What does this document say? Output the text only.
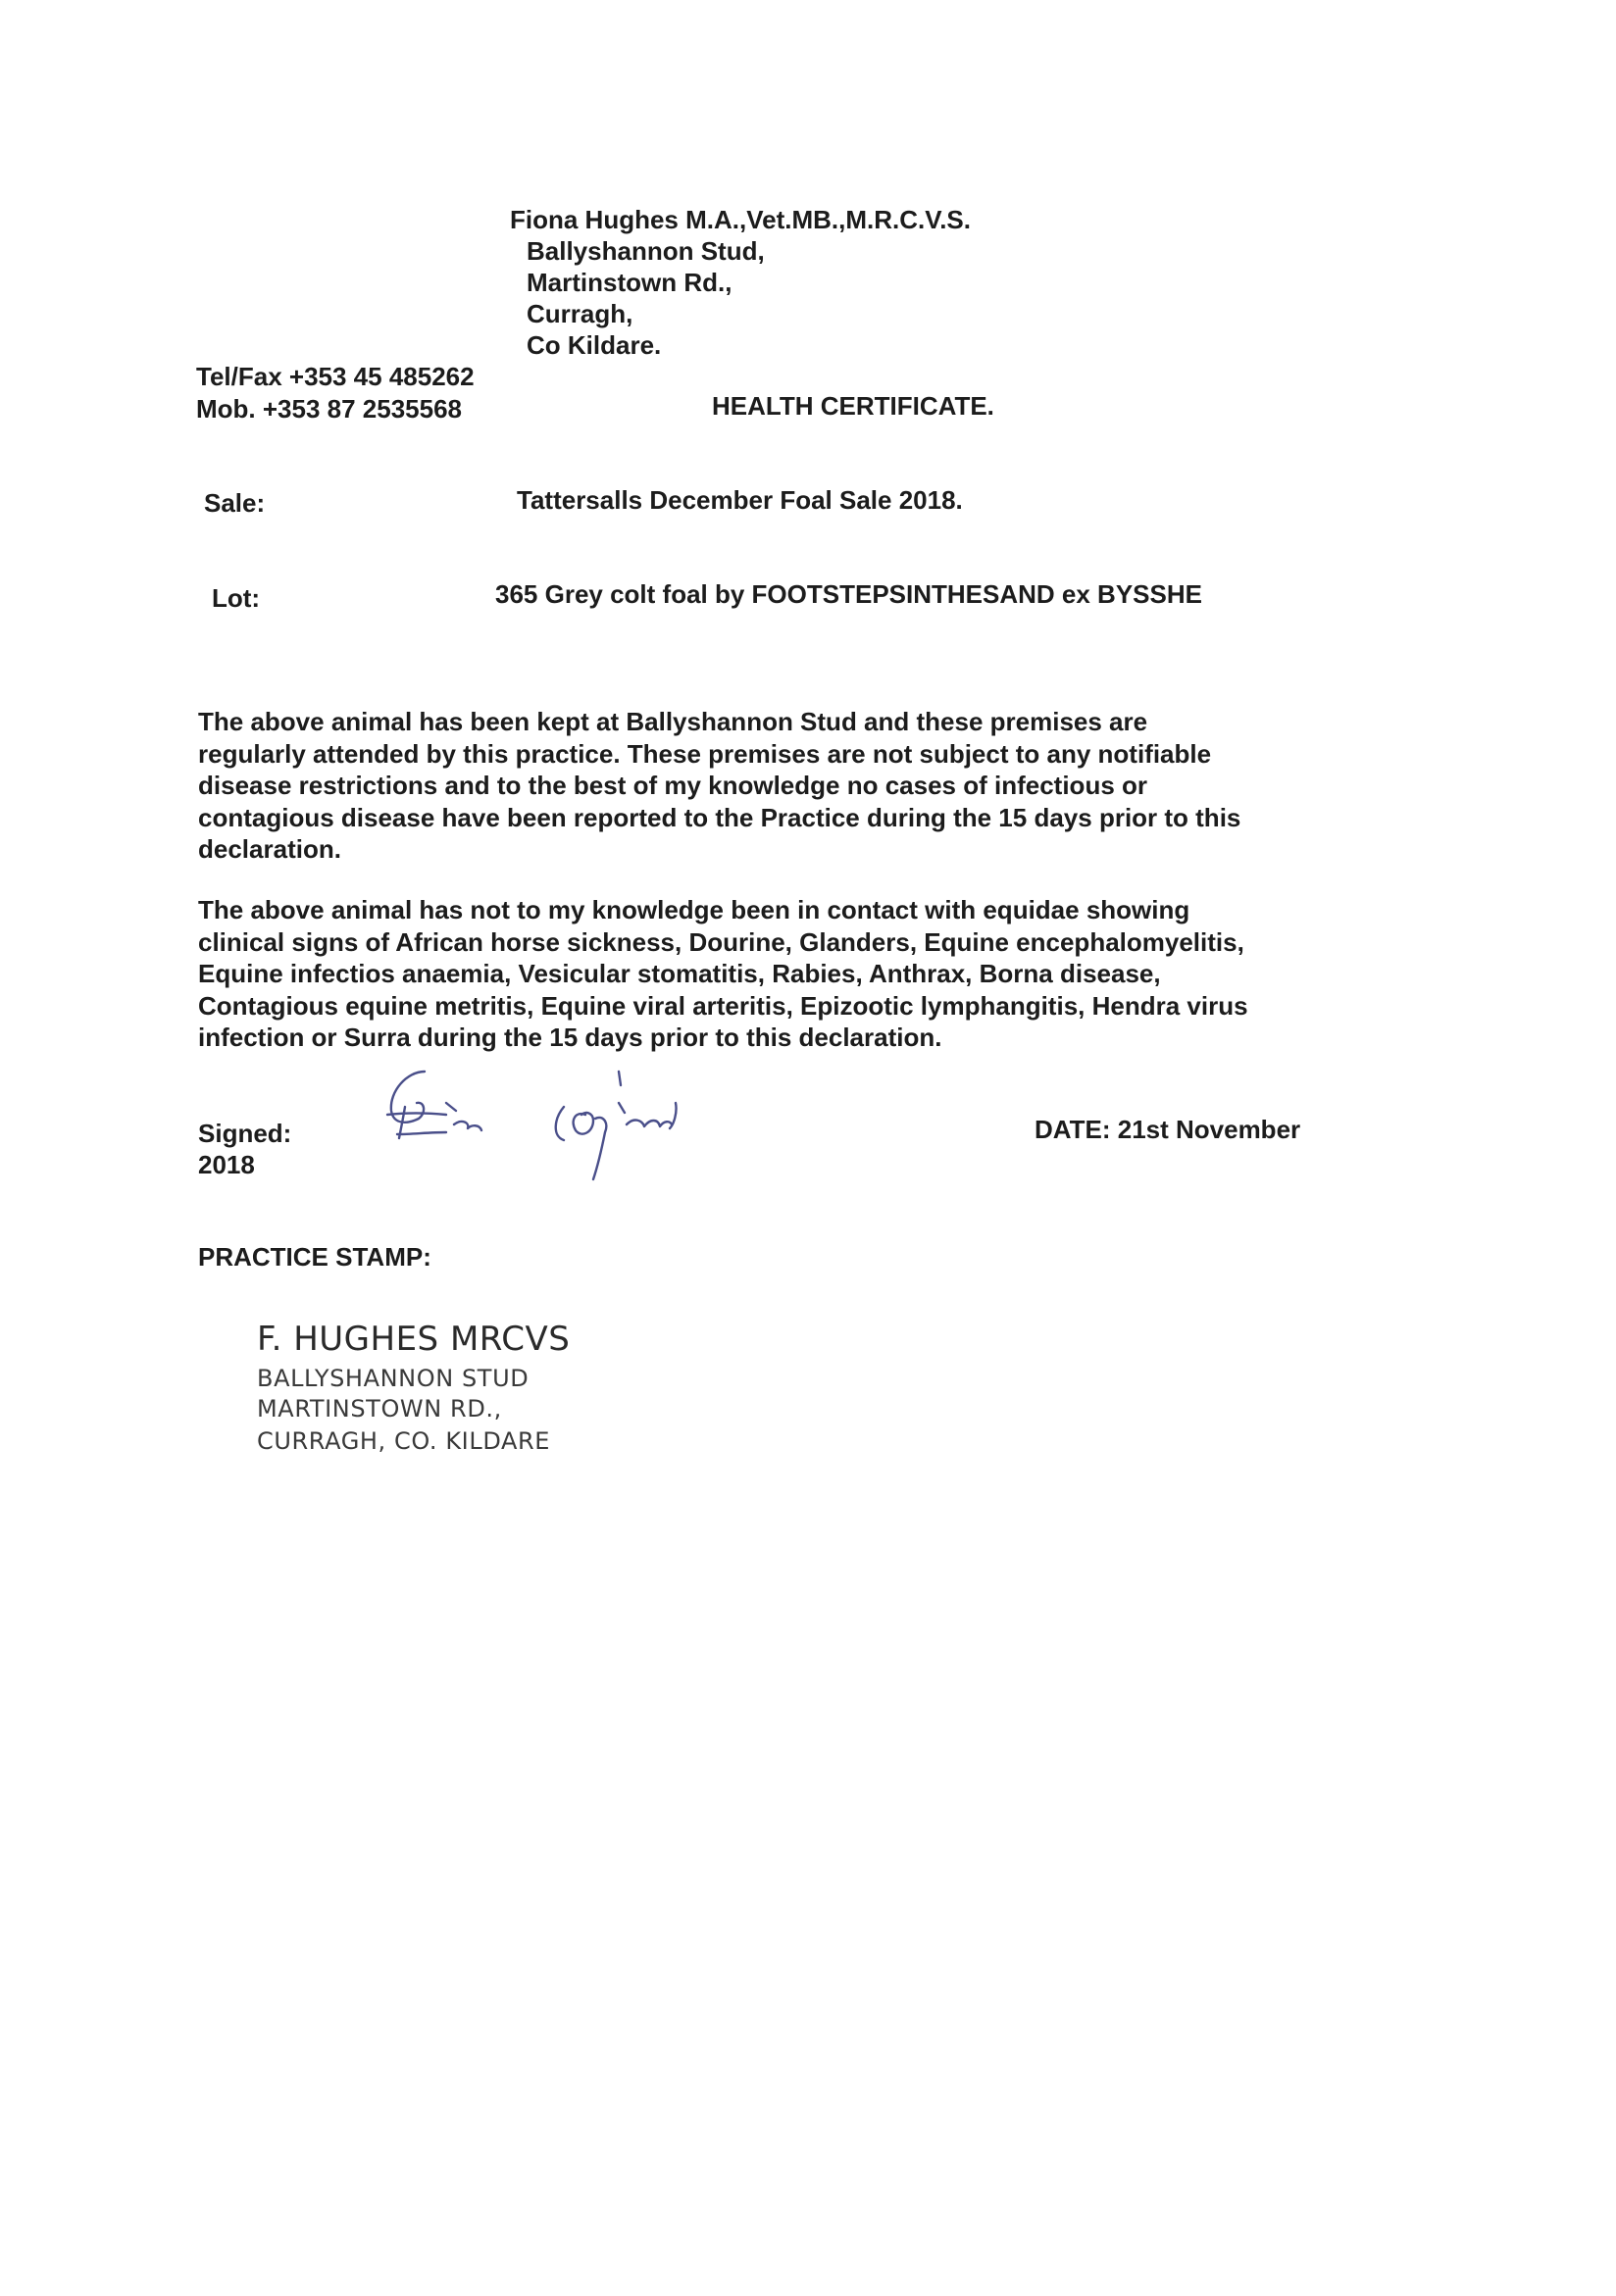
Fiona Hughes M.A.,Vet.MB.,M.R.C.V.S.
Ballyshannon Stud,
Martinstown Rd.,
Curragh,
Co Kildare.
Tel/Fax +353 45 485262
Mob. +353 87 2535568	HEALTH CERTIFICATE.
Sale:	Tattersalls December Foal Sale 2018.
Lot:	365 Grey colt foal by FOOTSTEPSINTHESAND ex BYSSHE
The above animal has been kept at Ballyshannon Stud and these premises are
regularly attended by this practice. These premises are not subject to any notifiable
disease restrictions and to the best of my knowledge no cases of infectious or
contagious disease have been reported to the Practice during the 15 days prior to this
declaration.
The above animal has not to my knowledge been in contact with equidae showing
clinical signs of African horse sickness, Dourine, Glanders, Equine encephalomyelitis,
Equine infectios anaemia, Vesicular stomatitis, Rabies, Anthrax, Borna disease,
Contagious equine metritis, Equine viral arteritis, Epizootic lymphangitis, Hendra virus
infection or Surra during the 15 days prior to this declaration.
Signed:
2018
DATE: 21st November
PRACTICE STAMP:
F. HUGHES MRCVS
BALLYSHANNON STUD
MARTINSTOWN RD.,
CURRAGH, CO. KILDARE
